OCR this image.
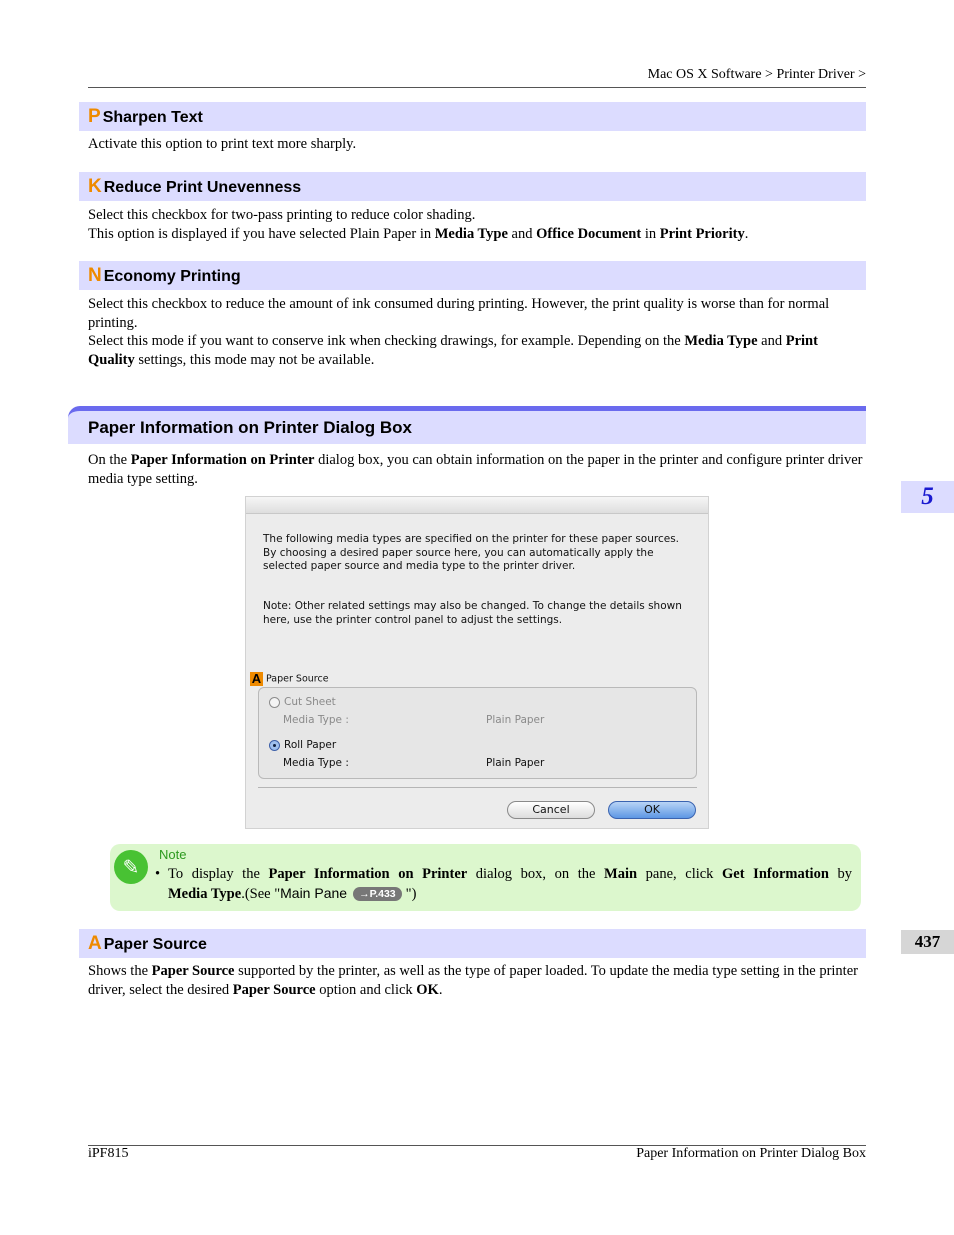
Mac OS X Software > Printer Driver >
P Sharpen Text

Activate this option to print text more sharply.

K Reduce Print Unevenness

Select this checkbox for two-pass printing to reduce color shading.

This option is displayed if you have selected Plain Paper in Media Type and Office Document in Print Priority.

N Economy Printing

Select this checkbox to reduce the amount of ink consumed during printing. However, the print quality is worse than for normal printing.

Select this mode if you want to conserve ink when checking drawings, for example. Depending on the Media Type and Print Quality settings, this mode may not be available.

Paper Information on Printer Dialog Box

On the Paper Information on Printer dialog box, you can obtain information on the paper in the printer and configure printer driver media type setting.

The following media types are specified on the printer for these paper sources.
By choosing a desired paper source here, you can automatically apply the
selected paper source and media type to the printer driver.
Note: Other related settings may also be changed. To change the details shown
here, use the printer control panel to adjust the settings.
A Paper Source
Cut Sheet
Media Type :	Plain Paper
Roll Paper
Media Type :	Plain Paper
Cancel	OK
✎
Note
• To display the Paper Information on Printer dialog box, on the Main pane, click Get Information by
Media Type.(See "Main Pane →P.433 ")
A Paper Source

Shows the Paper Source supported by the printer, as well as the type of paper loaded. To update the media type setting in the printer driver, select the desired Paper Source option and click OK.

5
437
iPF815	Paper Information on Printer Dialog Box
